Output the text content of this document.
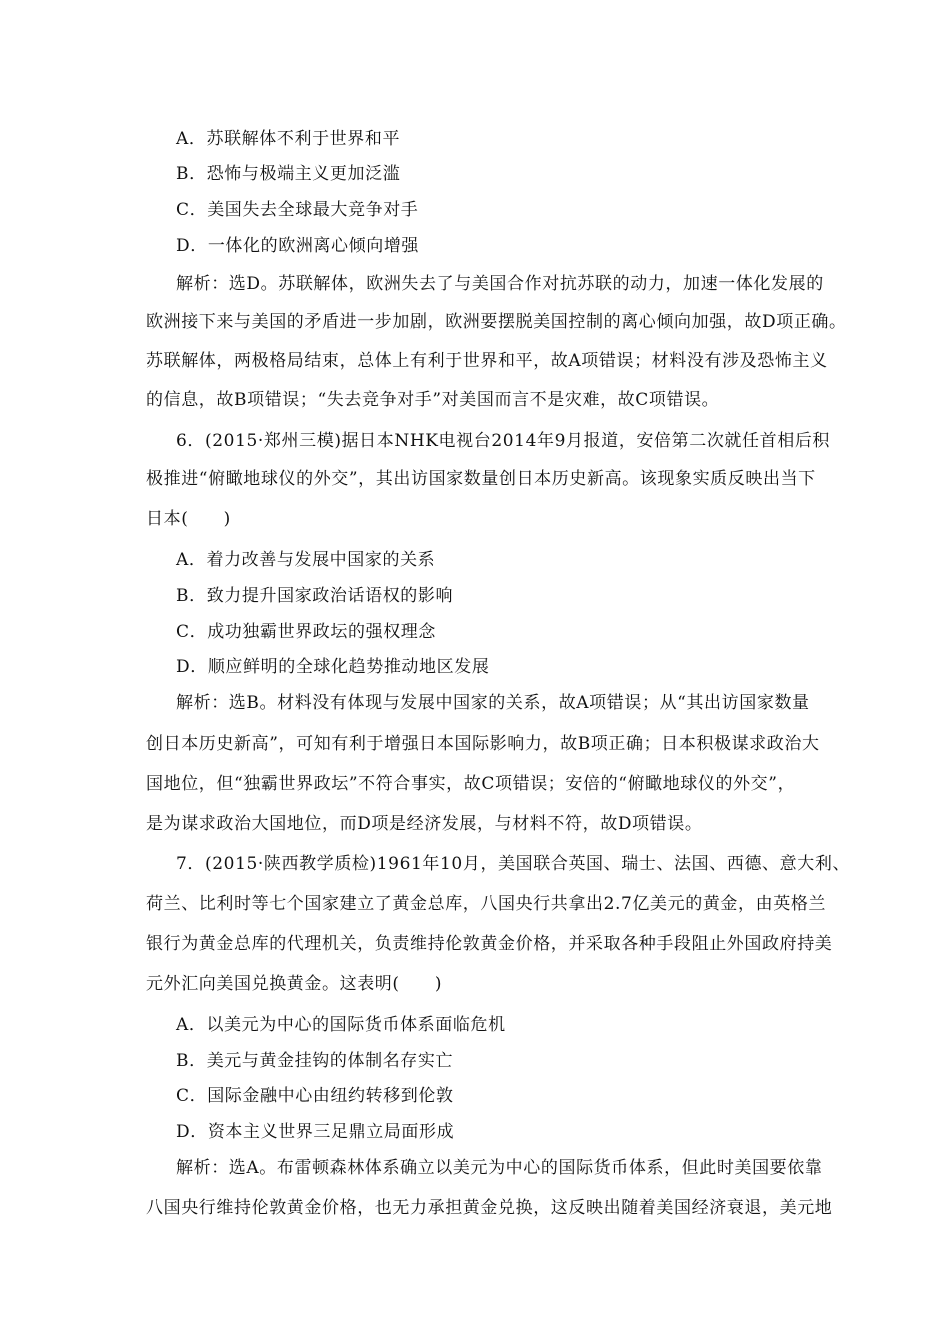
A．苏联解体不利于世界和平
B．恐怖与极端主义更加泛滥
C．美国失去全球最大竞争对手
D．一体化的欧洲离心倾向增强
解析：选D。苏联解体，欧洲失去了与美国合作对抗苏联的动力，加速一体化发展的
欧洲接下来与美国的矛盾进一步加剧，欧洲要摆脱美国控制的离心倾向加强，故D项正确。
苏联解体，两极格局结束，总体上有利于世界和平，故A项错误；材料没有涉及恐怖主义
的信息，故B项错误；“失去竞争对手”对美国而言不是灾难，故C项错误。
6．(2015·郑州三模)据日本NHK电视台2014年9月报道，安倍第二次就任首相后积
极推进“俯瞰地球仪的外交”，其出访国家数量创日本历史新高。该现象实质反映出当下
日本(　　)
A．着力改善与发展中国家的关系
B．致力提升国家政治话语权的影响
C．成功独霸世界政坛的强权理念
D．顺应鲜明的全球化趋势推动地区发展
解析：选B。材料没有体现与发展中国家的关系，故A项错误；从“其出访国家数量
创日本历史新高”，可知有利于增强日本国际影响力，故B项正确；日本积极谋求政治大
国地位，但“独霸世界政坛”不符合事实，故C项错误；安倍的“俯瞰地球仪的外交”，
是为谋求政治大国地位，而D项是经济发展，与材料不符，故D项错误。
7．(2015·陕西教学质检)1961年10月，美国联合英国、瑞士、法国、西德、意大利、
荷兰、比利时等七个国家建立了黄金总库，八国央行共拿出2.7亿美元的黄金，由英格兰
银行为黄金总库的代理机关，负责维持伦敦黄金价格，并采取各种手段阻止外国政府持美
元外汇向美国兑换黄金。这表明(　　)
A．以美元为中心的国际货币体系面临危机
B．美元与黄金挂钩的体制名存实亡
C．国际金融中心由纽约转移到伦敦
D．资本主义世界三足鼎立局面形成
解析：选A。布雷顿森林体系确立以美元为中心的国际货币体系，但此时美国要依靠
八国央行维持伦敦黄金价格，也无力承担黄金兑换，这反映出随着美国经济衰退，美元地
